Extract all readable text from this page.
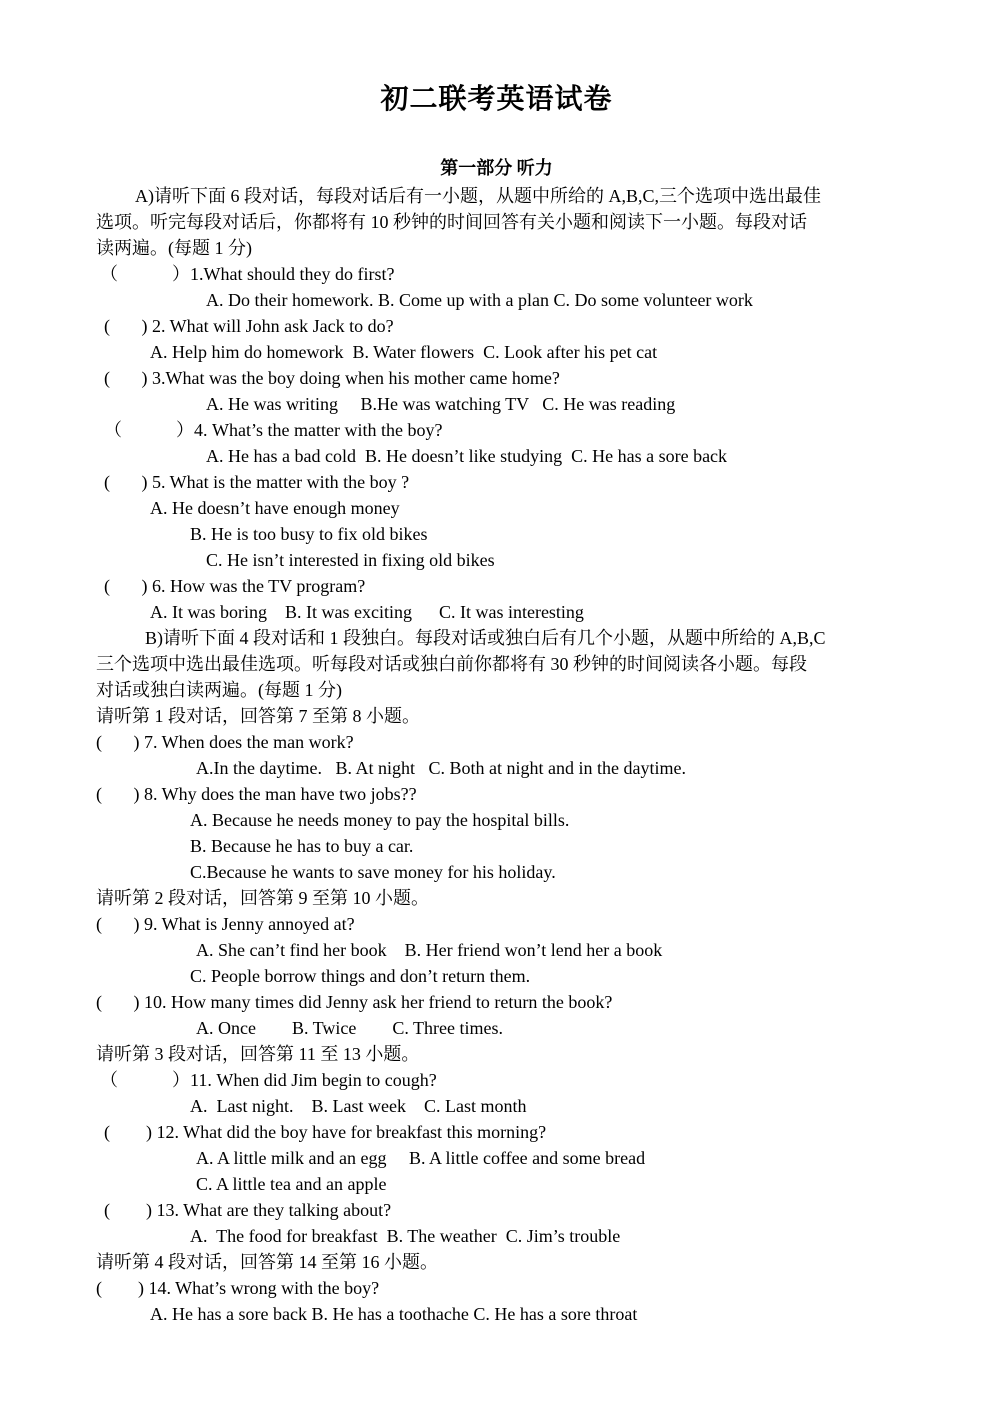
初二联考英语试卷
第一部分 听力
A)请听下面 6 段对话，每段对话后有一小题，从题中所给的 A,B,C,三个选项中选出最佳
选项。听完每段对话后，你都将有 10 秒钟的时间回答有关小题和阅读下一小题。每段对话
读两遍。(每题 1 分)
（            ）1.What should they do first?
A. Do their homework. B. Come up with a plan C. Do some volunteer work
(       ) 2. What will John ask Jack to do?
A. Help him do homework  B. Water flowers  C. Look after his pet cat
(       ) 3.What was the boy doing when his mother came home?
A. He was writing     B.He was watching TV   C. He was reading
（            ）4. What’s the matter with the boy?
A. He has a bad cold  B. He doesn’t like studying  C. He has a sore back
(       ) 5. What is the matter with the boy ?
A. He doesn’t have enough money
B. He is too busy to fix old bikes
C. He isn’t interested in fixing old bikes
(       ) 6. How was the TV program?
A. It was boring    B. It was exciting      C. It was interesting
B)请听下面 4 段对话和 1 段独白。每段对话或独白后有几个小题，从题中所给的 A,B,C
三个选项中选出最佳选项。听每段对话或独白前你都将有 30 秒钟的时间阅读各小题。每段
对话或独白读两遍。(每题 1 分)
请听第 1 段对话，回答第 7 至第 8 小题。
(       ) 7. When does the man work?
A.In the daytime.   B. At night   C. Both at night and in the daytime.
(       ) 8. Why does the man have two jobs??
A. Because he needs money to pay the hospital bills.
B. Because he has to buy a car.
C.Because he wants to save money for his holiday.
请听第 2 段对话，回答第 9 至第 10 小题。
(       ) 9. What is Jenny annoyed at?
A. She can’t find her book    B. Her friend won’t lend her a book
C. People borrow things and don’t return them.
(       ) 10. How many times did Jenny ask her friend to return the book?
A. Once        B. Twice        C. Three times.
请听第 3 段对话，回答第 11 至 13 小题。
（            ）11. When did Jim begin to cough?
A.  Last night.    B. Last week    C. Last month
(        ) 12. What did the boy have for breakfast this morning?
A. A little milk and an egg     B. A little coffee and some bread
C. A little tea and an apple
(        ) 13. What are they talking about?
A.  The food for breakfast  B. The weather  C. Jim’s trouble
请听第 4 段对话，回答第 14 至第 16 小题。
(        ) 14. What’s wrong with the boy?
A. He has a sore back B. He has a toothache C. He has a sore throat
